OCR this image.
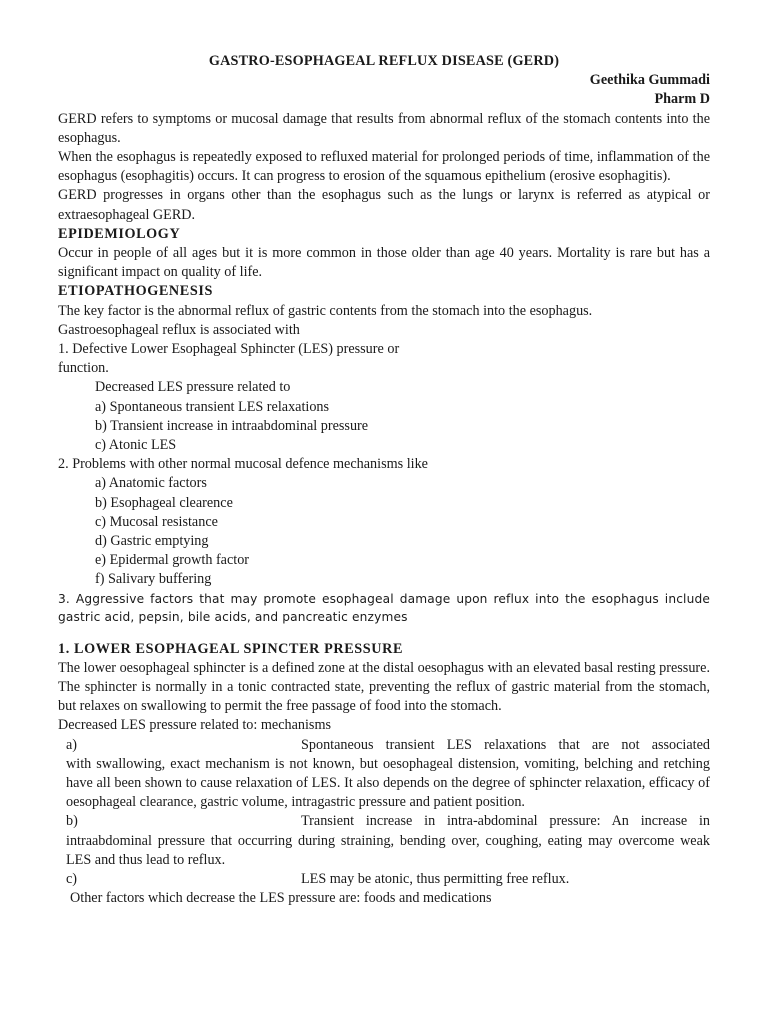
GASTRO-ESOPHAGEAL REFLUX DISEASE (GERD)
Geethika Gummadi
Pharm D
GERD refers to symptoms or mucosal damage that results from abnormal reflux of the stomach contents into the esophagus.
When the esophagus is repeatedly exposed to refluxed material for prolonged periods of time, inflammation of the esophagus (esophagitis) occurs. It can progress to erosion of the squamous epithelium (erosive esophagitis).
GERD progresses in organs other than the esophagus such as the lungs or larynx is referred as atypical or extraesophageal GERD.
EPIDEMIOLOGY
Occur in people of all ages but it is more common in those older than age 40 years. Mortality is rare but has a significant impact on quality of life.
ETIOPATHOGENESIS
The key factor is the abnormal reflux of gastric contents from the stomach into the esophagus.
Gastroesophageal reflux is associated with
1. Defective Lower Esophageal Sphincter (LES) pressure or
function.
Decreased LES pressure related to
a) Spontaneous transient LES relaxations
b) Transient increase in intraabdominal pressure
c) Atonic LES
2. Problems with other normal mucosal defence mechanisms like
a) Anatomic factors
b) Esophageal clearence
c) Mucosal resistance
d) Gastric emptying
e) Epidermal growth factor
f) Salivary buffering
3. Aggressive factors that may promote esophageal damage upon reflux into the esophagus include gastric acid, pepsin, bile acids, and pancreatic enzymes
1. LOWER ESOPHAGEAL SPINCTER PRESSURE
The lower oesophageal sphincter is a defined zone at the distal oesophagus with an elevated basal resting pressure. The sphincter is normally in a tonic contracted state, preventing the reflux of gastric material from the stomach, but relaxes on swallowing to permit the free passage of food into the stomach.
Decreased LES pressure related to: mechanisms
a)	Spontaneous transient LES relaxations that are not associated
with swallowing, exact mechanism is not known, but oesophageal distension, vomiting, belching and retching have all been shown to cause relaxation of LES. It also depends on the degree of sphincter relaxation, efficacy of oesophageal clearance, gastric volume, intragastric pressure and patient position.
b)	Transient increase in intra-abdominal pressure: An increase in
intraabdominal pressure that occurring during straining, bending over, coughing, eating may overcome weak LES and thus lead to reflux.
c)	LES may be atonic, thus permitting free reflux.
Other factors which decrease the LES pressure are: foods and medications
